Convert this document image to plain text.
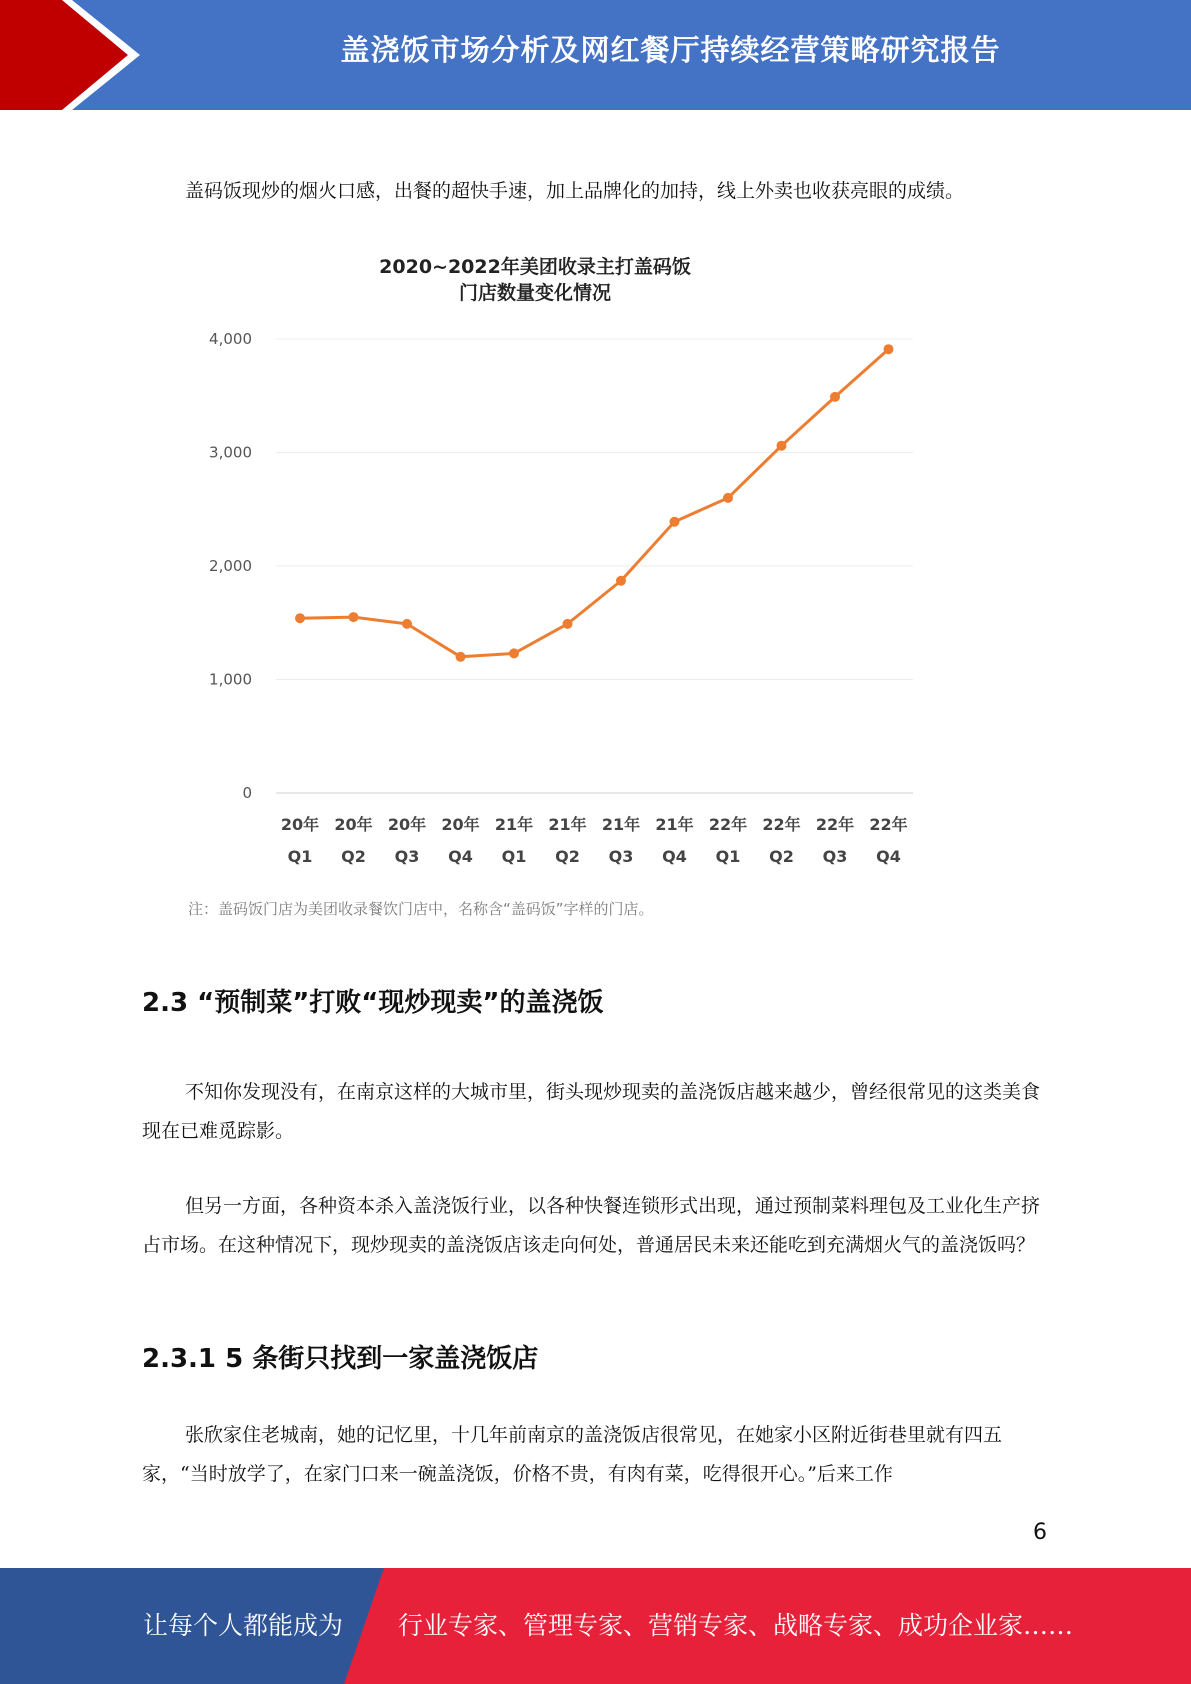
盖浇饭市场分析及网红餐厅持续经营策略研究报告

盖码饭现炒的烟火口感，出餐的超快手速，加上品牌化的加持，线上外卖也收获亮眼的成绩。

2020~2022年美团收录主打盖码饭
门店数量变化情况
0
1,000
2,000
3,000
4,000
20年
Q1
20年
Q2
20年
Q3
20年
Q4
21年
Q1
21年
Q2
21年
Q3
21年
Q4
22年
Q1
22年
Q2
22年
Q3
22年
Q4
注：盖码饭门店为美团收录餐饮门店中，名称含“盖码饭”字样的门店。
2.3 “预制菜”打败“现炒现卖”的盖浇饭

不知你发现没有，在南京这样的大城市里，街头现炒现卖的盖浇饭店越来越少，曾经很常见的这类美食现在已难觅踪影。

但另一方面，各种资本杀入盖浇饭行业，以各种快餐连锁形式出现，通过预制菜料理包及工业化生产挤占市场。在这种情况下，现炒现卖的盖浇饭店该走向何处，普通居民未来还能吃到充满烟火气的盖浇饭吗？

2.3.1 5 条街只找到一家盖浇饭店

张欣家住老城南，她的记忆里，十几年前南京的盖浇饭店很常见，在她家小区附近街巷里就有四五家，“当时放学了，在家门口来一碗盖浇饭，价格不贵，有肉有菜，吃得很开心。”后来工作

6
让每个人都能成为 行业专家、管理专家、营销专家、战略专家、成功企业家……
